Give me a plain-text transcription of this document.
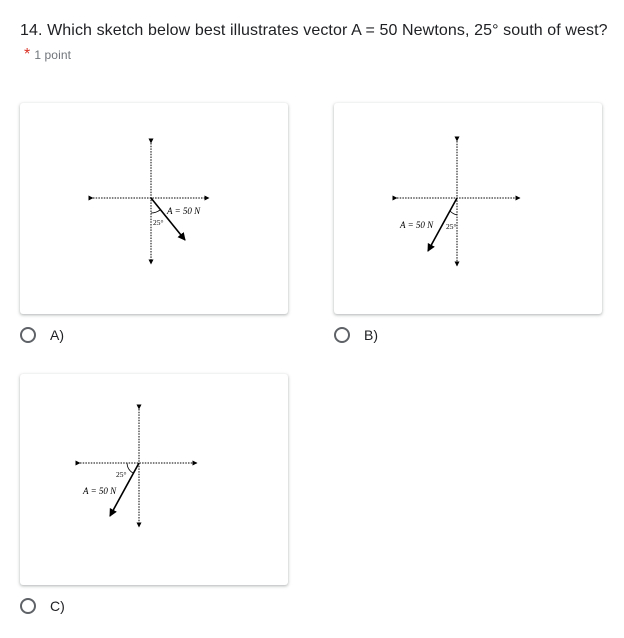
14. Which sketch below best illustrates vector A = 50 Newtons, 25° south of west?* 1 point
A = 50 N
25°
A)
A = 50 N 25°
B)
25°
A = 50 N
C)
